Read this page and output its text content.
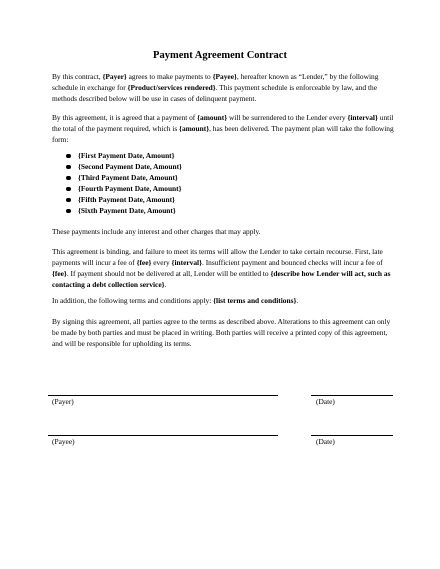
Payment Agreement Contract

By this contract, {Payer} agrees to make payments to {Payee}, hereafter known as “Lender,” by the following schedule in exchange for {Product/services rendered}. This payment schedule is enforceable by law, and the methods described below will be use in cases of delinquent payment.

By this agreement, it is agreed that a payment of {amount} will be surrendered to the Lender every {interval} until the total of the payment required, which is {amount}, has been delivered. The payment plan will take the following form:

{First Payment Date, Amount}
{Second Payment Date, Amount}
{Third Payment Date, Amount}
{Fourth Payment Date, Amount}
{Fifth Payment Date, Amount}
{Sixth Payment Date, Amount}

These payments include any interest and other charges that may apply.

This agreement is binding, and failure to meet its terms will allow the Lender to take certain recourse. First, late payments will incur a fee of {fee} every {interval}. Insufficient payment and bounced checks will incur a fee of {fee}. If payment should not be delivered at all, Lender will be entitled to {describe how Lender will act, such as contacting a debt collection service}.

In addition, the following terms and conditions apply: {list terms and conditions}.

By signing this agreement, all parties agree to the terms as described above. Alterations to this agreement can only be made by both parties and must be placed in writing. Both parties will receive a printed copy of this agreement, and will be responsible for upholding its terms.

(Payer)	(Date)
(Payee)	(Date)
